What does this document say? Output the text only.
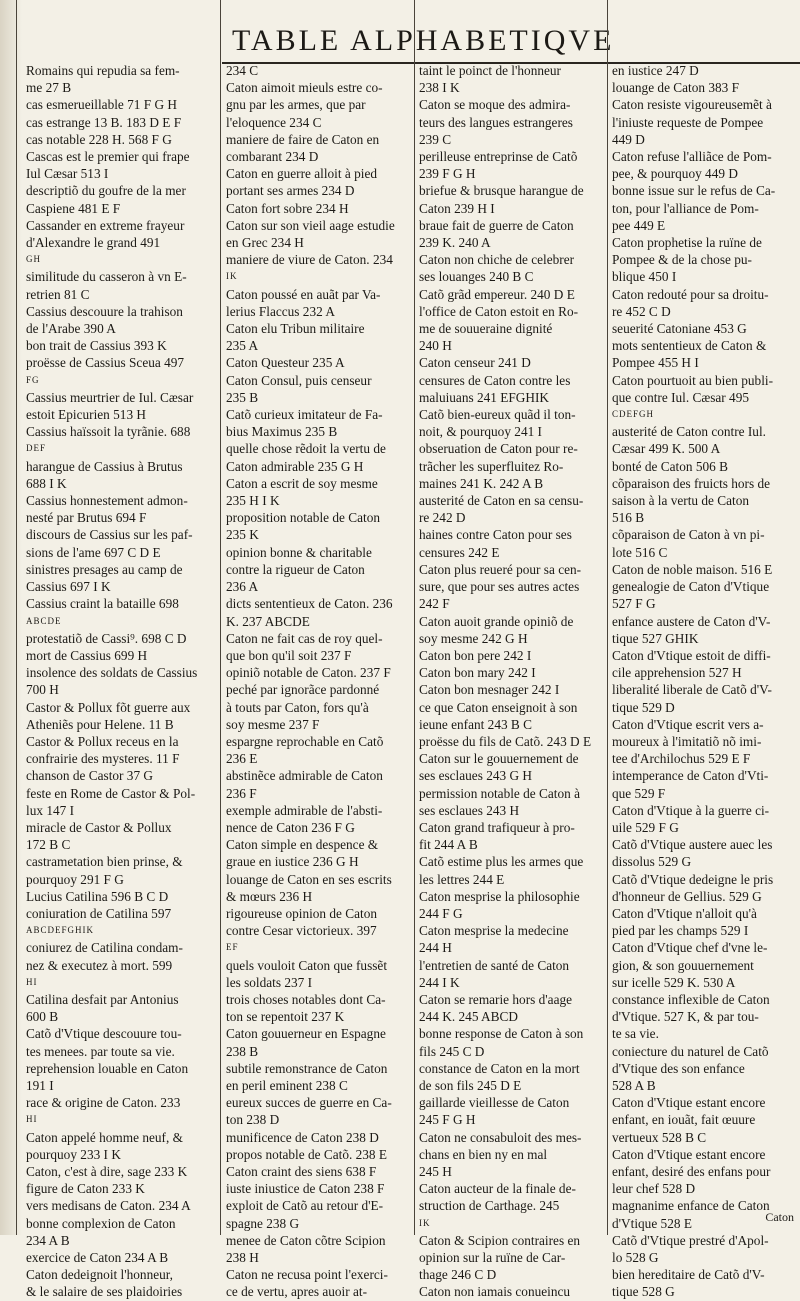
TABLE ALPHABETIQVE
Romains qui repudia sa fem-
me 27 B
cas esmerueillable 71 F G H
cas estrange 13 B. 183 D E F
cas notable 228 H. 568 F G
Cascas est le premier qui frape
Iul Cæsar 513 I
descriptiõ du goufre de la mer
Caspiene 481 E F
Cassander en extreme frayeur
d'Alexandre le grand 491
GH
similitude du casseron à vn E-
retrien 81 C
Cassius descouure la trahison
de l'Arabe 390 A
bon trait de Cassius 393 K
proësse de Cassius Sceua 497
FG
Cassius meurtrier de Iul. Cæsar
estoit Epicurien 513 H
Cassius haïssoit la tyrãnie. 688
DEF
harangue de Cassius à Brutus
688 I K
Cassius honnestement admon-
nesté par Brutus 694 F
discours de Cassius sur les paf-
sions de l'ame 697 C D E
sinistres presages au camp de
Cassius 697 I K
Cassius craint la bataille 698
ABCDE
protestatiõ de Cassi⁹. 698 C D
mort de Cassius 699 H
insolence des soldats de Cassius
700 H
Castor & Pollux fõt guerre aux
Atheniẽs pour Helene. 11 B
Castor & Pollux receus en la
confrairie des mysteres. 11 F
chanson de Castor 37 G
feste en Rome de Castor & Pol-
lux 147 I
miracle de Castor & Pollux
172 B C
castrametation bien prinse, &
pourquoy 291 F G
Lucius Catilina 596 B C D
coniuration de Catilina 597
ABCDEFGHIK
coniurez de Catilina condam-
nez & executez à mort. 599
HI
Catilina desfait par Antonius
600 B
Catõ d'Vtique descouure tou-
tes menees. par toute sa vie.
reprehension louable en Caton
191 I
race & origine de Caton. 233
HI
Caton appelé homme neuf, &
pourquoy 233 I K
Caton, c'est à dire, sage 233 K
figure de Caton 233 K
vers medisans de Caton. 234 A
bonne complexion de Caton
234 A B
exercice de Caton 234 A B
Caton dedeignoit l'honneur,
& le salaire de ses plaidoiries
234 C
Caton aimoit mieuls estre co-
gnu par les armes, que par
l'eloquence 234 C
maniere de faire de Caton en
combarant 234 D
Caton en guerre alloit à pied
portant ses armes 234 D
Caton fort sobre 234 H
Caton sur son vieil aage estudie
en Grec 234 H
maniere de viure de Caton. 234
IK
Caton poussé en auãt par Va-
lerius Flaccus 232 A
Caton elu Tribun militaire
235 A
Caton Questeur 235 A
Caton Consul, puis censeur
235 B
Catõ curieux imitateur de Fa-
bius Maximus 235 B
quelle chose rẽdoit la vertu de
Caton admirable 235 G H
Caton a escrit de soy mesme
235 H I K
proposition notable de Caton
235 K
opinion bonne & charitable
contre la rigueur de Caton
236 A
dicts sententieux de Caton. 236
K. 237 ABCDE
Caton ne fait cas de roy quel-
que bon qu'il soit 237 F
opiniõ notable de Caton. 237 F
peché par ignorãce pardonné
à touts par Caton, fors qu'à
soy mesme 237 F
espargne reprochable en Catõ
236 E
abstinẽce admirable de Caton
236 F
exemple admirable de l'absti-
nence de Caton 236 F G
Caton simple en despence &
graue en iustice 236 G H
louange de Caton en ses escrits
& mœurs 236 H
rigoureuse opinion de Caton
contre Cesar victorieux. 397
EF
quels vouloit Caton que fussẽt
les soldats 237 I
trois choses notables dont Ca-
ton se repentoit 237 K
Caton gouuerneur en Espagne
238 B
subtile remonstrance de Caton
en peril eminent 238 C
eureux succes de guerre en Ca-
ton 238 D
munificence de Caton 238 D
propos notable de Catõ. 238 E
Caton craint des siens 638 F
iuste iniustice de Caton 238 F
exploit de Catõ au retour d'E-
spagne 238 G
menee de Caton cõtre Scipion
238 H
Caton ne recusa point l'exerci-
ce de vertu, apres auoir at-
taint le poinct de l'honneur
238 I K
Caton se moque des admira-
teurs des langues estrangeres
239 C
perilleuse entreprinse de Catõ
239 F G H
briefue & brusque harangue de
Caton 239 H I
braue fait de guerre de Caton
239 K. 240 A
Caton non chiche de celebrer
ses louanges 240 B C
Catõ grãd empereur. 240 D E
l'office de Caton estoit en Ro-
me de souueraine dignité
240 H
Caton censeur 241 D
censures de Caton contre les
maluiuans 241 EFGHIK
Catõ bien-eureux quãd il ton-
noit, & pourquoy 241 I
obseruation de Caton pour re-
trãcher les superfluitez Ro-
maines 241 K. 242 A B
austerité de Caton en sa censu-
re 242 D
haines contre Caton pour ses
censures 242 E
Caton plus reueré pour sa cen-
sure, que pour ses autres actes
242 F
Caton auoit grande opiniõ de
soy mesme 242 G H
Caton bon pere 242 I
Caton bon mary 242 I
Caton bon mesnager 242 I
ce que Caton enseignoit à son
ieune enfant 243 B C
proësse du fils de Catõ. 243 D E
Caton sur le gouuernement de
ses esclaues 243 G H
permission notable de Caton à
ses esclaues 243 H
Caton grand trafiqueur à pro-
fit 244 A B
Catõ estime plus les armes que
les lettres 244 E
Caton mesprise la philosophie
244 F G
Caton mesprise la medecine
244 H
l'entretien de santé de Caton
244 I K
Caton se remarie hors d'aage
244 K. 245 ABCD
bonne response de Caton à son
fils 245 C D
constance de Caton en la mort
de son fils 245 D E
gaillarde vieillesse de Caton
245 F G H
Caton ne consabuloit des mes-
chans en bien ny en mal
245 H
Caton aucteur de la finale de-
struction de Carthage. 245
IK
Caton & Scipion contraires en
opinion sur la ruïne de Car-
thage 246 C D
Caton non iamais conueincu
en iustice 247 D
louange de Caton 383 F
Caton resiste vigoureusemẽt à
l'iniuste requeste de Pompee
449 D
Caton refuse l'alliãce de Pom-
pee, & pourquoy 449 D
bonne issue sur le refus de Ca-
ton, pour l'alliance de Pom-
pee 449 E
Caton prophetise la ruïne de
Pompee & de la chose pu-
blique 450 I
Caton redouté pour sa droitu-
re 452 C D
seuerité Catoniane 453 G
mots sententieux de Caton &
Pompee 455 H I
Caton pourtuoit au bien publi-
que contre Iul. Cæsar 495
CDEFGH
austerité de Caton contre Iul.
Cæsar 499 K. 500 A
bonté de Caton 506 B
cõparaison des fruicts hors de
saison à la vertu de Caton
516 B
cõparaison de Caton à vn pi-
lote 516 C
Caton de noble maison. 516 E
genealogie de Caton d'Vtique
527 F G
enfance austere de Caton d'V-
tique 527 GHIK
Caton d'Vtique estoit de diffi-
cile apprehension 527 H
liberalité liberale de Catõ d'V-
tique 529 D
Caton d'Vtique escrit vers a-
moureux à l'imitatiõ nõ imi-
tee d'Archilochus 529 E F
intemperance de Caton d'Vti-
que 529 F
Caton d'Vtique à la guerre ci-
uile 529 F G
Catõ d'Vtique austere auec les
dissolus 529 G
Catõ d'Vtique dedeigne le pris
d'honneur de Gellius. 529 G
Caton d'Vtique n'alloit qu'à
pied par les champs 529 I
Caton d'Vtique chef d'vne le-
gion, & son gouuernement
sur icelle 529 K. 530 A
constance inflexible de Caton
d'Vtique. 527 K, & par tou-
te sa vie.
coniecture du naturel de Catõ
d'Vtique des son enfance
528 A B
Caton d'Vtique estant encore
enfant, en iouãt, fait œuure
vertueux 528 B C
Caton d'Vtique estant encore
enfant, desiré des enfans pour
leur chef 528 D
magnanime enfance de Caton
d'Vtique 528 E
Catõ d'Vtique prestré d'Apol-
lo 528 G
bien hereditaire de Catõ d'V-
tique 528 G
Caton
